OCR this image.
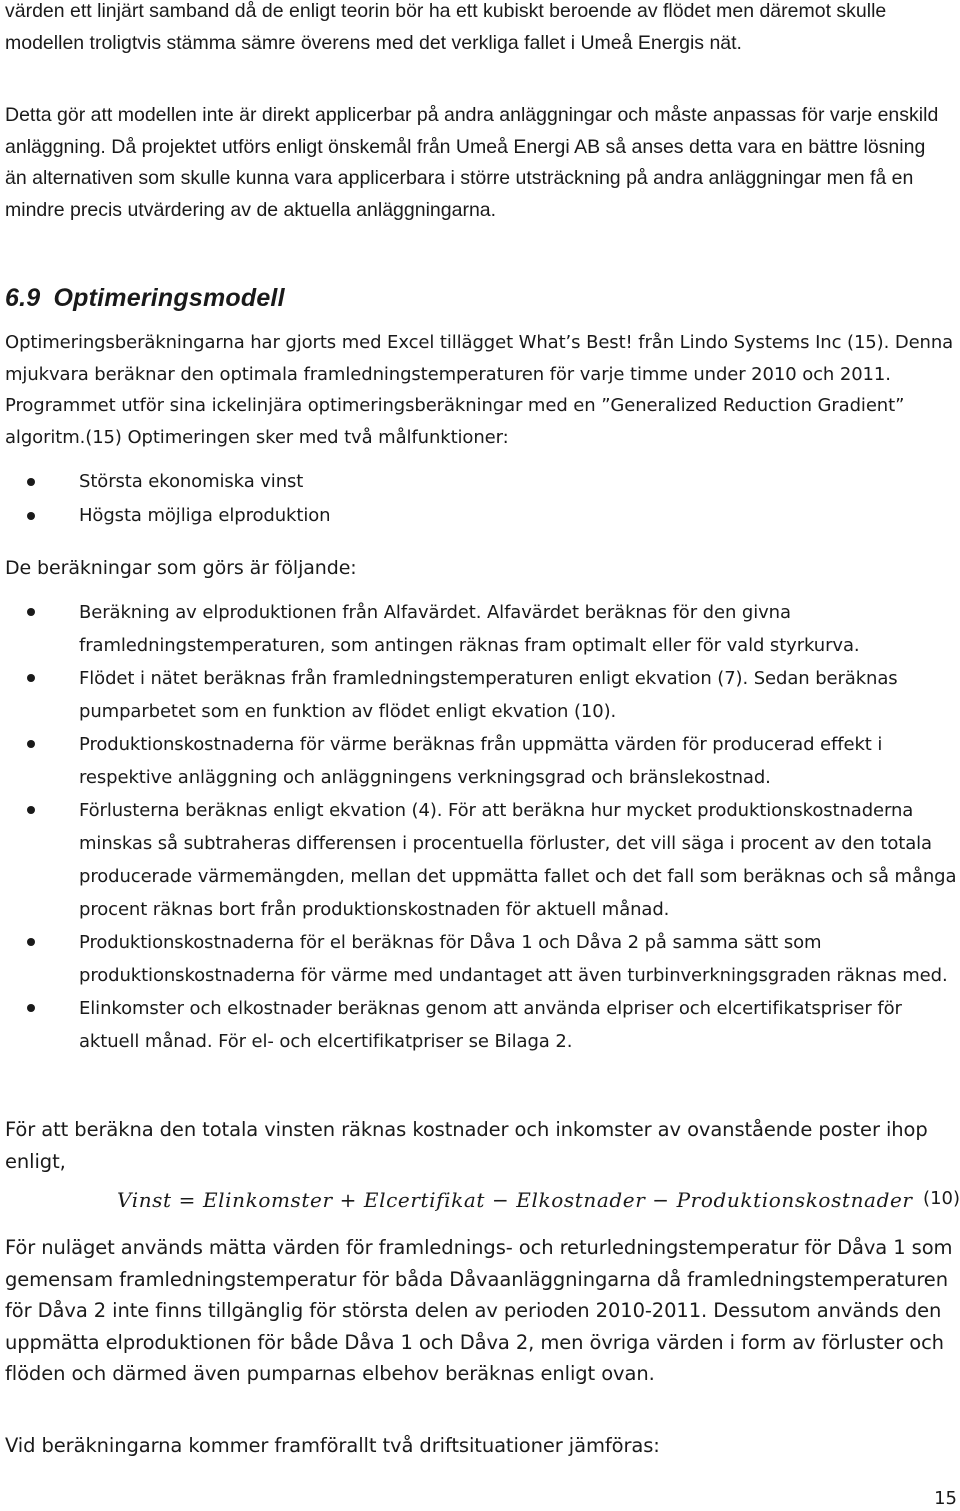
värden ett linjärt samband då de enligt teorin bör ha ett kubiskt beroende av flödet men däremot skulle modellen troligtvis stämma sämre överens med det verkliga fallet i Umeå Energis nät.

Detta gör att modellen inte är direkt applicerbar på andra anläggningar och måste anpassas för varje enskild anläggning. Då projektet utförs enligt önskemål från Umeå Energi AB så anses detta vara en bättre lösning än alternativen som skulle kunna vara applicerbara i större utsträckning på andra anläggningar men få en mindre precis utvärdering av de aktuella anläggningarna.

6.9 Optimeringsmodell

Optimeringsberäkningarna har gjorts med Excel tillägget What’s Best! från Lindo Systems Inc (15). Denna mjukvara beräknar den optimala framledningstemperaturen för varje timme under 2010 och 2011. Programmet utför sina ickelinjära optimeringsberäkningar med en ”Generalized Reduction Gradient” algoritm.(15) Optimeringen sker med två målfunktioner:

Största ekonomiska vinst
Högsta möjliga elproduktion

De beräkningar som görs är följande:

Beräkning av elproduktionen från Alfavärdet. Alfavärdet beräknas för den givna framledningstemperaturen, som antingen räknas fram optimalt eller för vald styrkurva.
Flödet i nätet beräknas från framledningstemperaturen enligt ekvation (7). Sedan beräknas pumparbetet som en funktion av flödet enligt ekvation (10).
Produktionskostnaderna för värme beräknas från uppmätta värden för producerad effekt i respektive anläggning och anläggningens verkningsgrad och bränslekostnad.
Förlusterna beräknas enligt ekvation (4). För att beräkna hur mycket produktionskostnaderna minskas så subtraheras differensen i procentuella förluster, det vill säga i procent av den totala producerade värmemängden, mellan det uppmätta fallet och det fall som beräknas och så många procent räknas bort från produktionskostnaden för aktuell månad.
Produktionskostnaderna för el beräknas för Dåva 1 och Dåva 2 på samma sätt som produktionskostnaderna för värme med undantaget att även turbinverkningsgraden räknas med.
Elinkomster och elkostnader beräknas genom att använda elpriser och elcertifikatspriser för aktuell månad. För el- och elcertifikatpriser se Bilaga 2.

För att beräkna den totala vinsten räknas kostnader och inkomster av ovanstående poster ihop enligt,

Vinst = Elinkomster + Elcertifikat − Elkostnader − Produktionskostnader (10)

För nuläget används mätta värden för framlednings- och returledningstemperatur för Dåva 1 som gemensam framledningstemperatur för båda Dåvaanläggningarna då framledningstemperaturen för Dåva 2 inte finns tillgänglig för största delen av perioden 2010-2011. Dessutom används den uppmätta elproduktionen för både Dåva 1 och Dåva 2, men övriga värden i form av förluster och flöden och därmed även pumparnas elbehov beräknas enligt ovan.

Vid beräkningarna kommer framförallt två driftsituationer jämföras:

15
